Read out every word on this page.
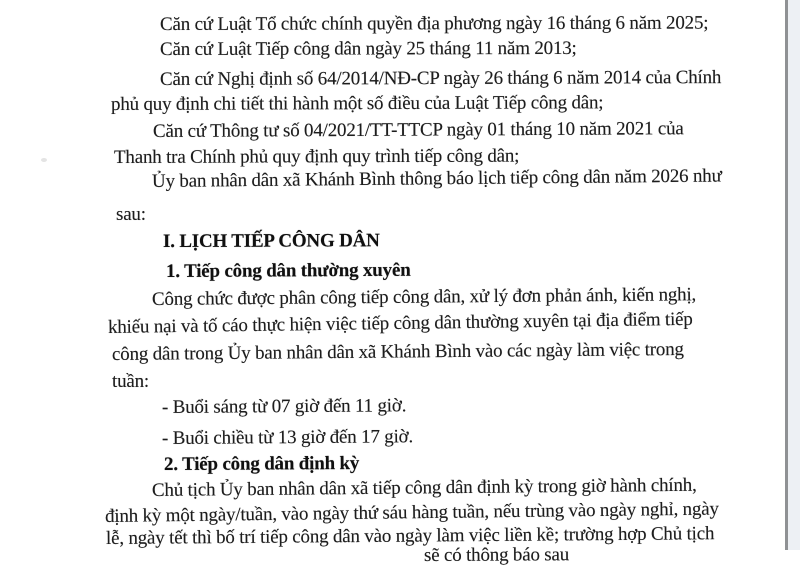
Căn cứ Luật Tổ chức chính quyền địa phương ngày 16 tháng 6 năm 2025;
Căn cứ Luật Tiếp công dân ngày 25 tháng 11 năm 2013;
Căn cứ Nghị định số 64/2014/NĐ-CP ngày 26 tháng 6 năm 2014 của Chính
phủ quy định chi tiết thi hành một số điều của Luật Tiếp công dân;
Căn cứ Thông tư số 04/2021/TT-TTCP ngày 01 tháng 10 năm 2021 của
Thanh tra Chính phủ quy định quy trình tiếp công dân;
Ủy ban nhân dân xã Khánh Bình thông báo lịch tiếp công dân năm 2026 như
sau:
I. LỊCH TIẾP CÔNG DÂN
1. Tiếp công dân thường xuyên
Công chức được phân công tiếp công dân, xử lý đơn phản ánh, kiến nghị,
khiếu nại và tố cáo thực hiện việc tiếp công dân thường xuyên tại địa điểm tiếp
công dân trong Ủy ban nhân dân xã Khánh Bình vào các ngày làm việc trong
tuần:
- Buổi sáng từ 07 giờ đến 11 giờ.
- Buổi chiều từ 13 giờ đến 17 giờ.
2. Tiếp công dân định kỳ
Chủ tịch Ủy ban nhân dân xã tiếp công dân định kỳ trong giờ hành chính,
định kỳ một ngày/tuần, vào ngày thứ sáu hàng tuần, nếu trùng vào ngày nghỉ, ngày
lễ, ngày tết thì bố trí tiếp công dân vào ngày làm việc liền kề; trường hợp Chủ tịch
sẽ có thông báo sau
